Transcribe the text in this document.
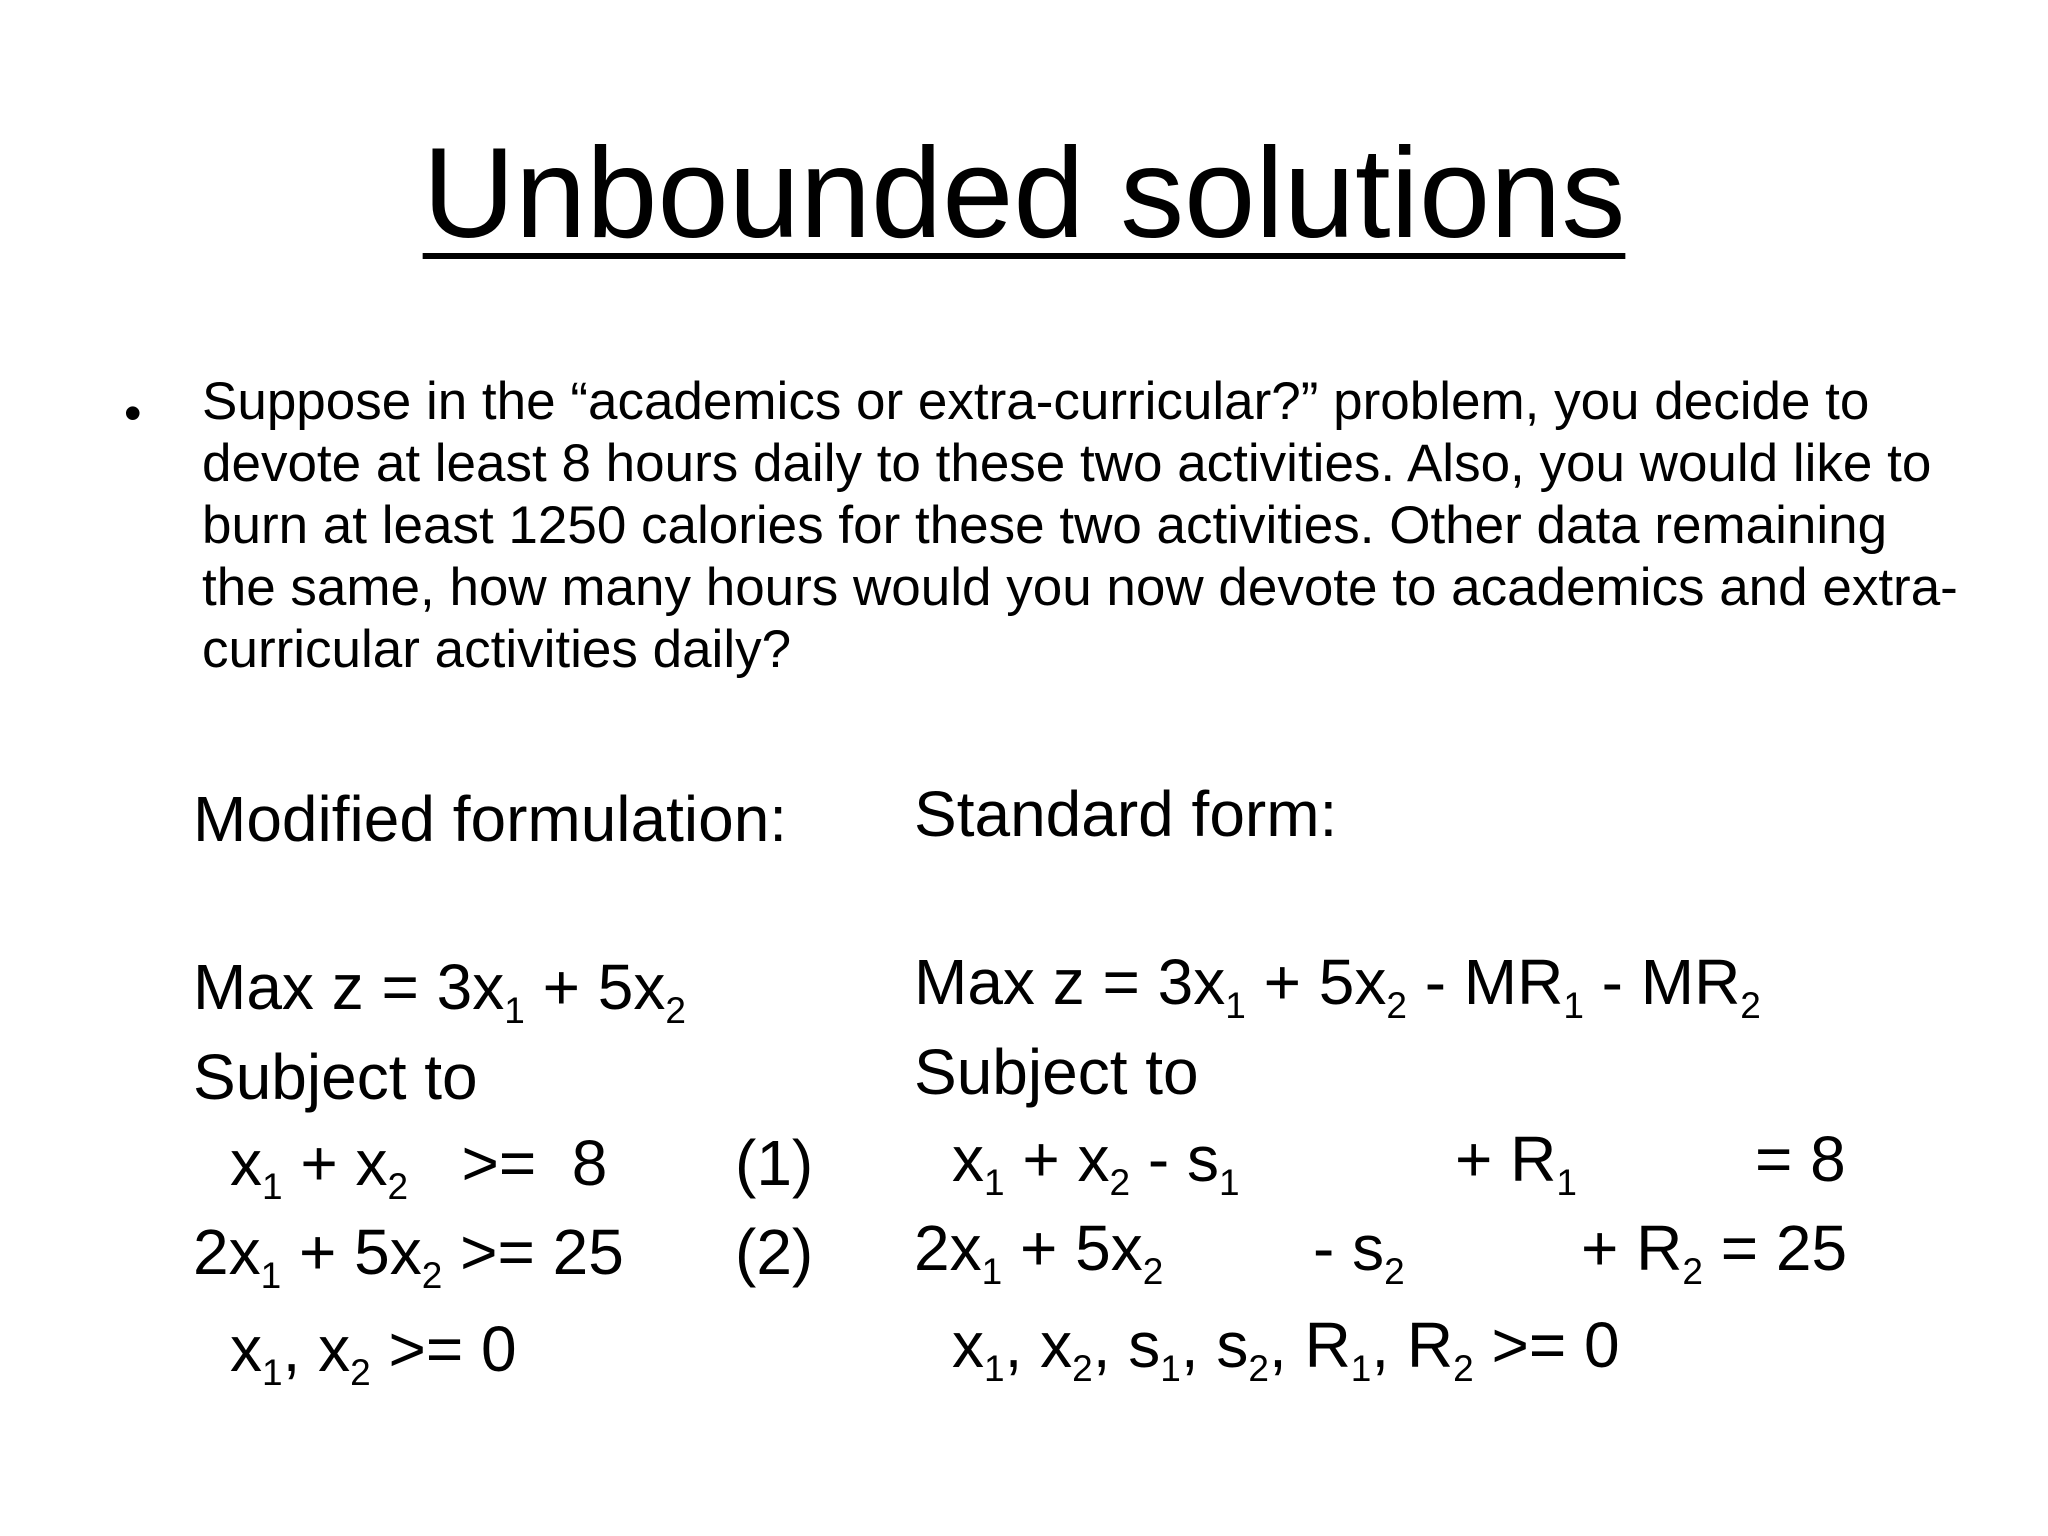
Unbounded solutions
• Suppose in the “academics or extra-curricular?” problem, you decide to devote at least 8 hours daily to these two activities. Also, you would like to burn at least 1250 calories for these two activities. Other data remaining the same, how many hours would you now devote to academics and extra-curricular activities daily?
Modified formulation:
Max $z = 3x_1 + 5x_2$
Subject to
$x_1 + x_2 >= 8$ (1)
$2x_1 + 5x_2 >= 25$ (2)
$x_1$, $x_2 >= 0$
Standard form:
Max $z = 3x_1 + 5x_2 - MR_1 - MR_2$
Subject to
$x_1 + x_2 - s_1$	+ $R_1$	= 8
$2x_1 + 5x_2 - s_2$	+ $R_2 = 25$
$x_1$, $x_2$, $s_1$, $s_2$, $R_1$, $R_2 >= 0$
